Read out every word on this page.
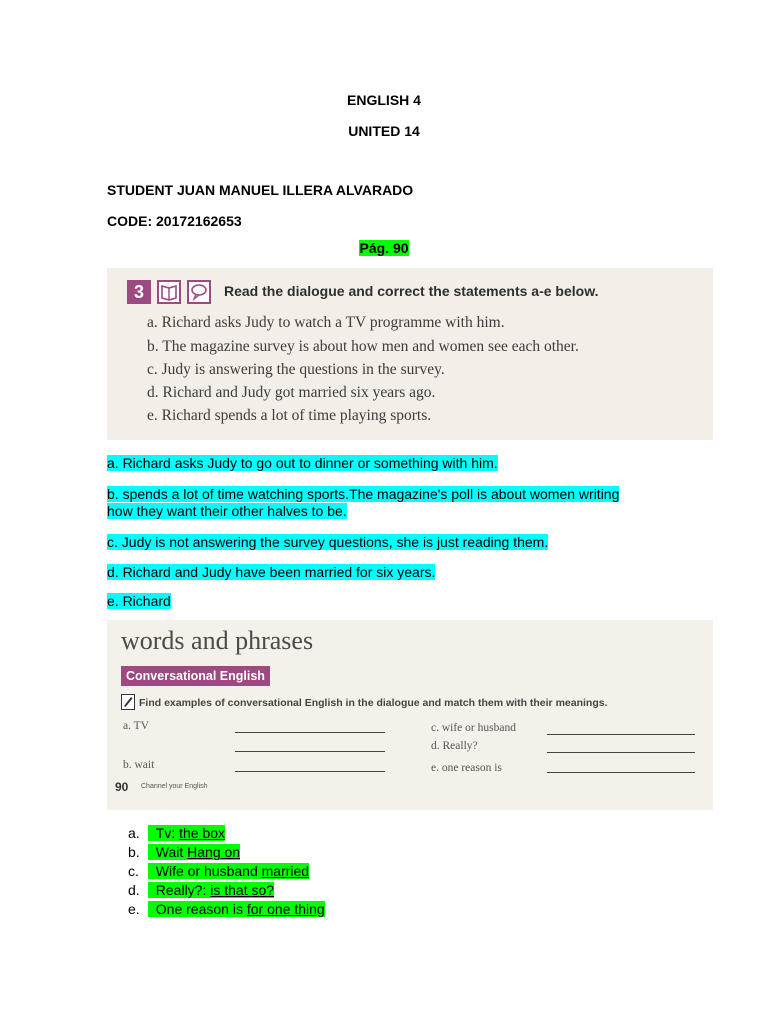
ENGLISH 4
UNITED 14
STUDENT JUAN MANUEL ILLERA ALVARADO
CODE: 20172162653
Pág. 90
3	Read the dialogue and correct the statements a-e below.
a. Richard asks Judy to watch a TV programme with him.
b. The magazine survey is about how men and women see each other.
c. Judy is answering the questions in the survey.
d. Richard and Judy got married six years ago.
e. Richard spends a lot of time playing sports.
a. Richard asks Judy to go out to dinner or something with him.
b. spends a lot of time watching sports.The magazine's poll is about women writing
how they want their other halves to be.
c. Judy is not answering the survey questions, she is just reading them.
d. Richard and Judy have been married for six years.
e. Richard
words and phrases
Conversational English
Find examples of conversational English in the dialogue and match them with their meanings.
a. TV
b. wait
c. wife or husband
d. Really?
e. one reason is
90 Channel your English
a. Tv: the box
b. Wait Hang on
c. Wife or husband married
d. Really?: is that so?
e. One reason is for one thing
